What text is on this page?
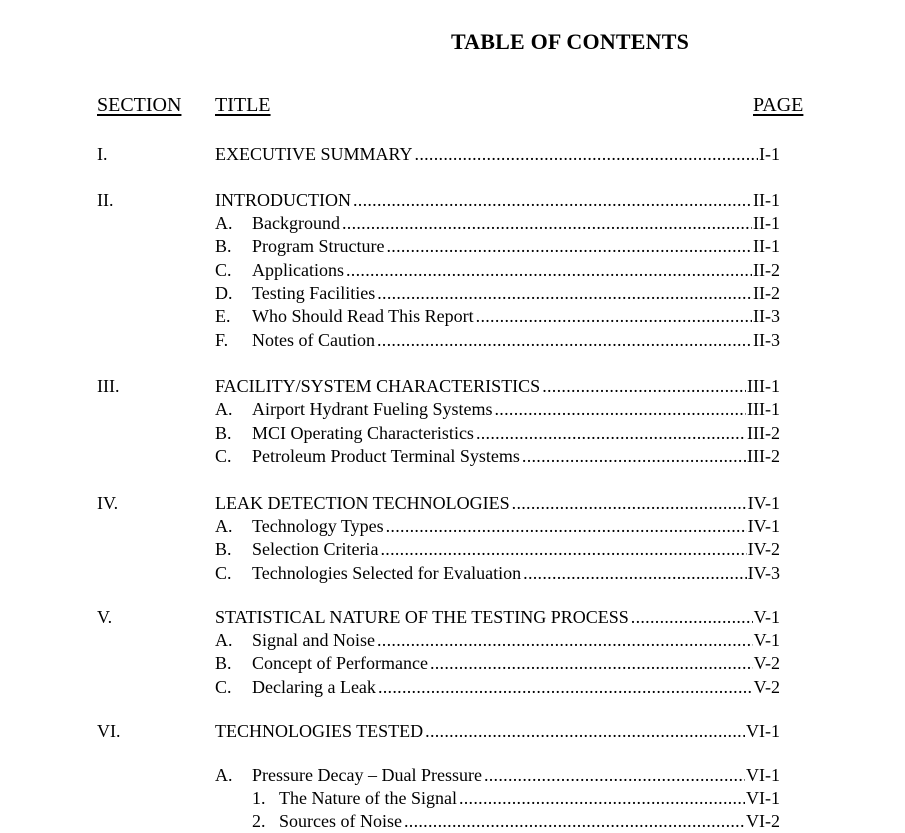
TABLE OF CONTENTS
SECTION TITLE	PAGE
I.	EXECUTIVE SUMMARY . . .	I-1
II.	INTRODUCTION . . .	II-1
A.	Background . . .	II-1
B.	Program Structure . . .	II-1
C.	Applications . . .	II-2
D.	Testing Facilities . . .	II-2
E.	Who Should Read This Report . . .	II-3
F.	Notes of Caution . . .	II-3
III.	FACILITY/SYSTEM CHARACTERISTICS . . .	III-1
A.	Airport Hydrant Fueling Systems . . .	III-1
B.	MCI Operating Characteristics . . .	III-2
C.	Petroleum Product Terminal Systems . . .	III-2
IV.	LEAK DETECTION TECHNOLOGIES . . .	IV-1
A.	Technology Types . . .	IV-1
B.	Selection Criteria . . .	IV-2
C.	Technologies Selected for Evaluation . . .	IV-3
V.	STATISTICAL NATURE OF THE TESTING PROCESS . . .	V-1
A.	Signal and Noise . . .	V-1
B.	Concept of Performance . . .	V-2
C.	Declaring a Leak . . .	V-2
VI.	TECHNOLOGIES TESTED . . .	VI-1
A.	Pressure Decay – Dual Pressure . . .	VI-1
1. The Nature of the Signal . . .	VI-1
2. Sources of Noise . . .	VI-2
